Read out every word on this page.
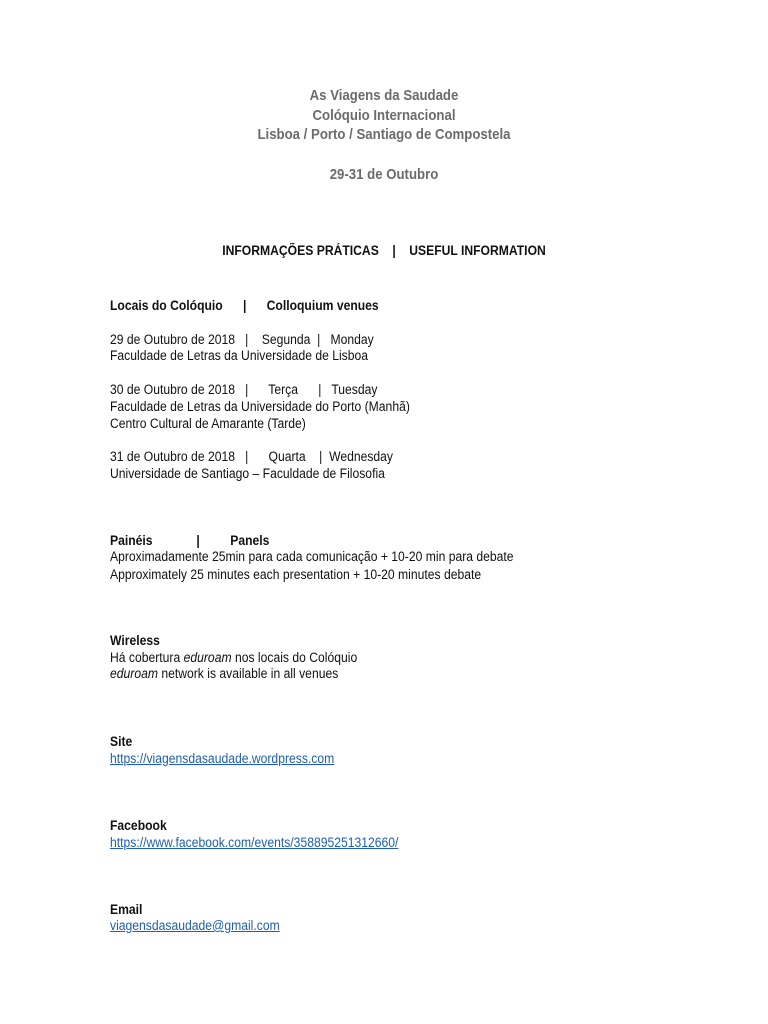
As Viagens da Saudade
Colóquio Internacional
Lisboa / Porto / Santiago de Compostela
29-31 de Outubro
INFORMAÇÕES PRÁTICAS    |    USEFUL INFORMATION
Locais do Colóquio      |      Colloquium venues
29 de Outubro de 2018   |    Segunda  |   Monday
Faculdade de Letras da Universidade de Lisboa
30 de Outubro de 2018   |      Terça      |   Tuesday
Faculdade de Letras da Universidade do Porto (Manhã)
Centro Cultural de Amarante (Tarde)
31 de Outubro de 2018   |      Quarta    |  Wednesday
Universidade de Santiago – Faculdade de Filosofia
Painéis             |         Panels
Aproximadamente 25min para cada comunicação + 10-20 min para debate
Approximately 25 minutes each presentation + 10-20 minutes debate
Wireless
Há cobertura eduroam nos locais do Colóquio
eduroam network is available in all venues
Site
https://viagensdasaudade.wordpress.com
Facebook
https://www.facebook.com/events/358895251312660/
Email
viagensdasaudade@gmail.com
